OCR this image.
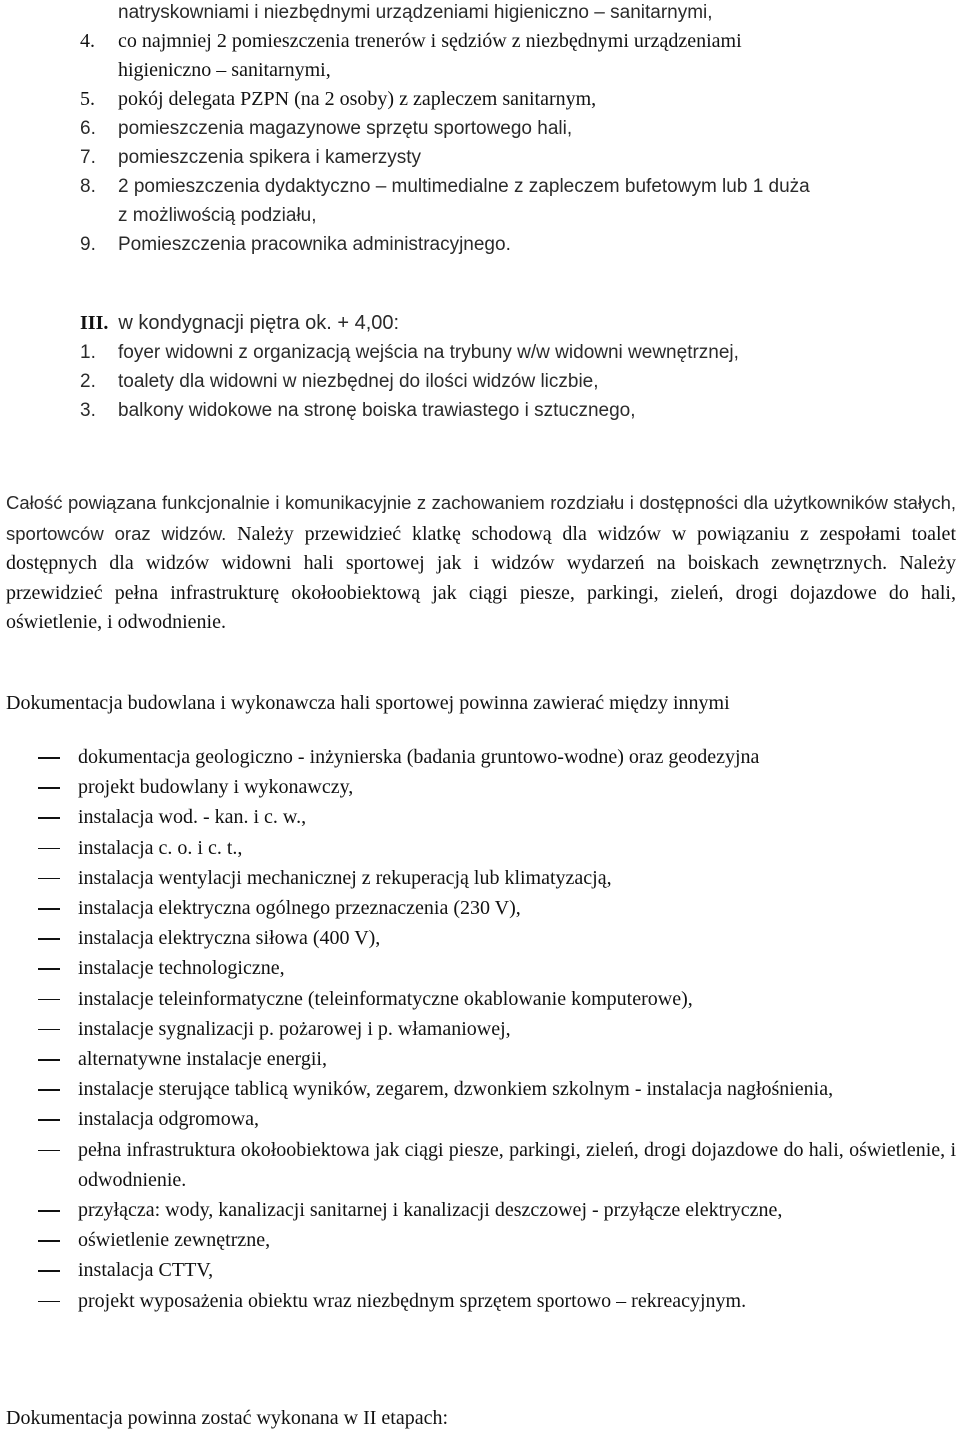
natryskowniami i niezbędnymi urządzeniami higieniczno – sanitarnymi,
4. co najmniej 2 pomieszczenia trenerów i sędziów z niezbędnymi urządzeniami
higieniczno – sanitarnymi,
5. pokój delegata PZPN (na 2 osoby) z zapleczem sanitarnym,
6. pomieszczenia magazynowe sprzętu sportowego hali,
7. pomieszczenia spikera i kamerzysty
8. 2 pomieszczenia dydaktyczno – multimedialne z zapleczem bufetowym lub 1 duża
z możliwością podziału,
9. Pomieszczenia pracownika administracyjnego.
III. w kondygnacji piętra ok. + 4,00:
1. foyer widowni z organizacją wejścia na trybuny w/w widowni wewnętrznej,
2. toalety dla widowni w niezbędnej do ilości widzów liczbie,
3. balkony widokowe na stronę boiska trawiastego i sztucznego,
Całość powiązana funkcjonalnie i komunikacyjnie z zachowaniem rozdziału i dostępności dla użytkowników stałych, sportowców oraz widzów. Należy przewidzieć klatkę schodową dla widzów w powiązaniu z zespołami toalet dostępnych dla widzów widowni hali sportowej jak i widzów wydarzeń na boiskach zewnętrznych. Należy przewidzieć pełna infrastrukturę okołoobiektową jak ciągi piesze, parkingi, zieleń, drogi dojazdowe do hali, oświetlenie, i odwodnienie.
Dokumentacja budowlana i wykonawcza hali sportowej powinna zawierać między innymi
dokumentacja geologiczno - inżynierska (badania gruntowo-wodne) oraz geodezyjna
projekt budowlany i wykonawczy,
instalacja wod. - kan. i c. w.,
instalacja c. o. i c. t.,
instalacja wentylacji mechanicznej z rekuperacją lub klimatyzacją,
instalacja elektryczna ogólnego przeznaczenia (230 V),
instalacja elektryczna siłowa (400 V),
instalacje technologiczne,
instalacje teleinformatyczne (teleinformatyczne okablowanie komputerowe),
instalacje sygnalizacji p. pożarowej i p. włamaniowej,
alternatywne instalacje energii,
instalacje sterujące tablicą wyników, zegarem, dzwonkiem szkolnym - instalacja nagłośnienia,
instalacja odgromowa,
pełna infrastruktura okołoobiektowa jak ciągi piesze, parkingi, zieleń, drogi dojazdowe do hali, oświetlenie, i odwodnienie.
przyłącza: wody, kanalizacji sanitarnej i kanalizacji deszczowej - przyłącze elektryczne,
oświetlenie zewnętrzne,
instalacja CTTV,
projekt wyposażenia obiektu wraz niezbędnym sprzętem sportowo – rekreacyjnym.
Dokumentacja powinna zostać wykonana w II etapach:
